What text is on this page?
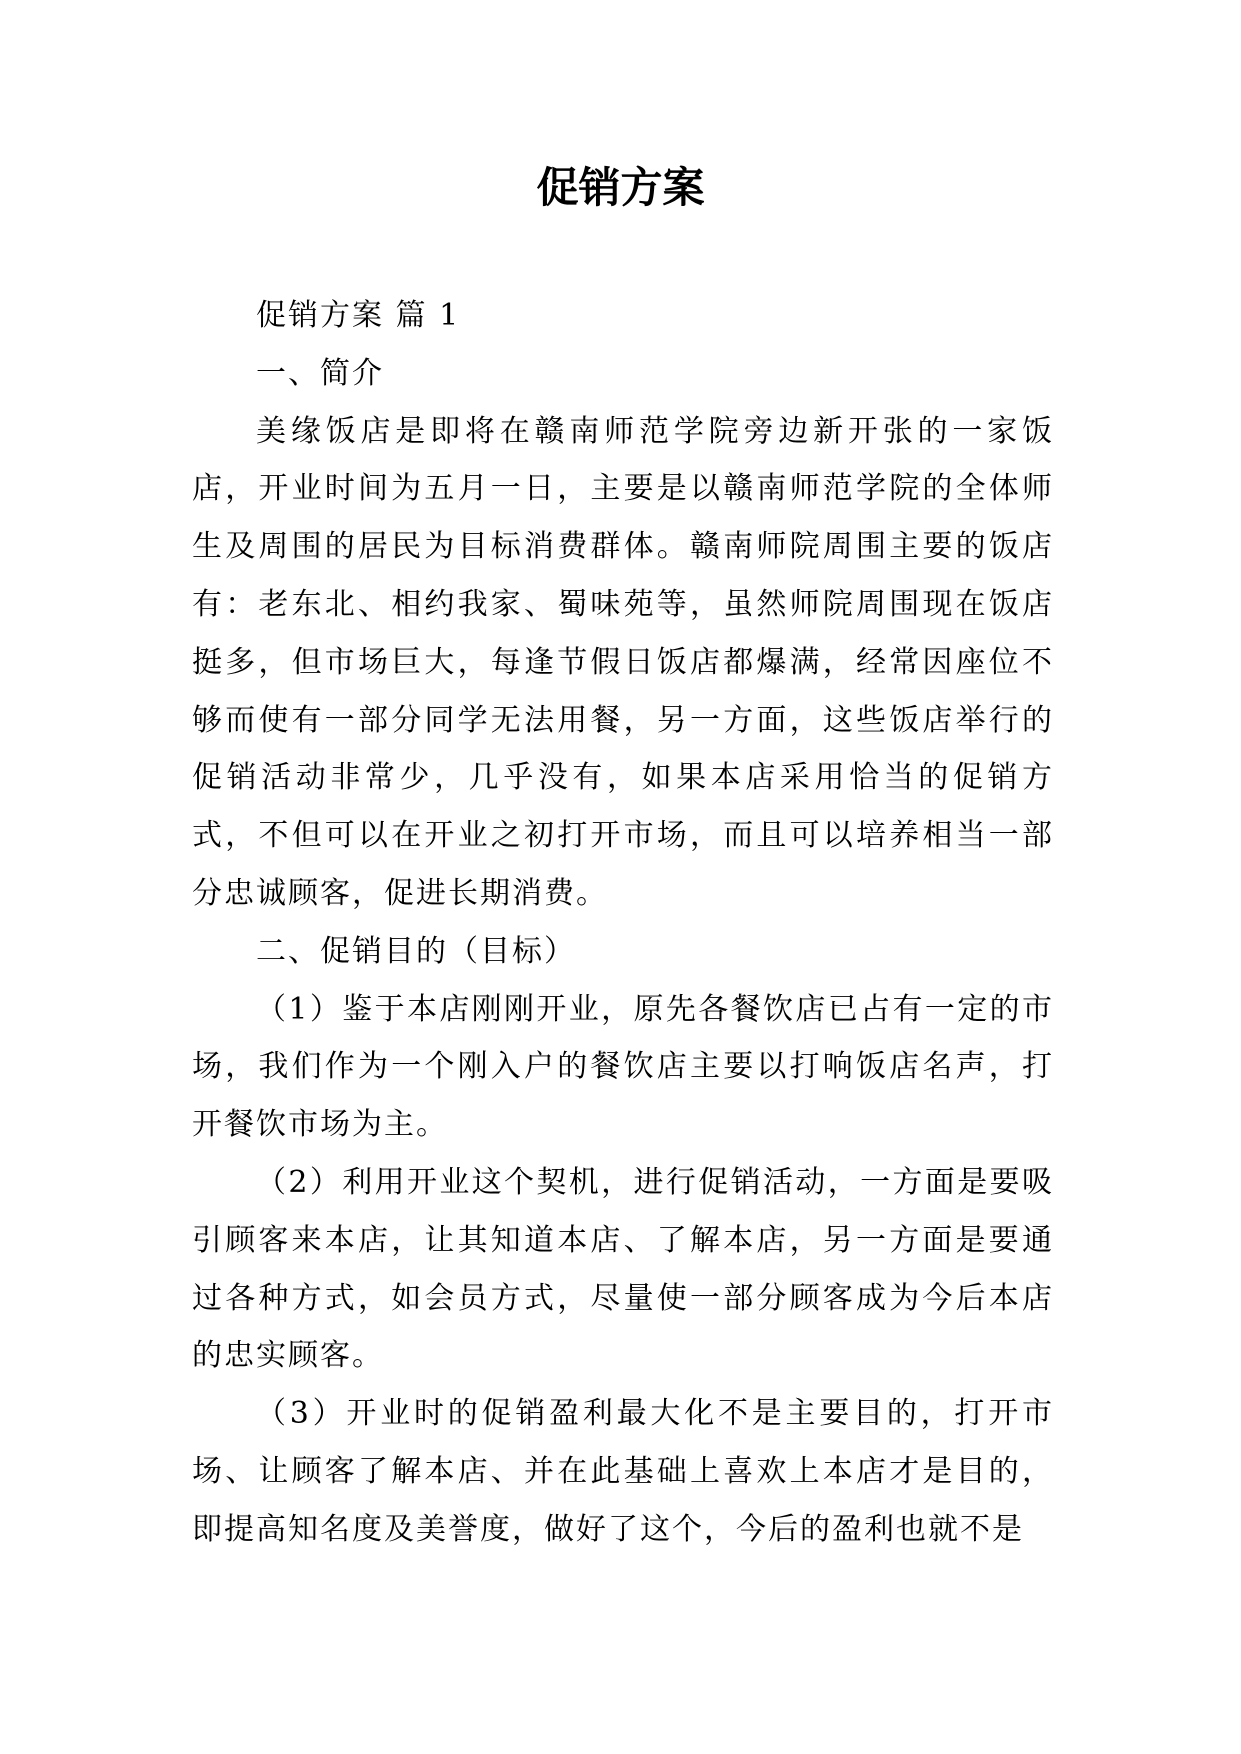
促销方案

促销方案 篇 1

一、简介

美缘饭店是即将在赣南师范学院旁边新开张的一家饭店，开业时间为五月一日，主要是以赣南师范学院的全体师生及周围的居民为目标消费群体。赣南师院周围主要的饭店有：老东北、相约我家、蜀味苑等，虽然师院周围现在饭店挺多，但市场巨大，每逢节假日饭店都爆满，经常因座位不够而使有一部分同学无法用餐，另一方面，这些饭店举行的促销活动非常少，几乎没有，如果本店采用恰当的促销方式，不但可以在开业之初打开市场，而且可以培养相当一部分忠诚顾客，促进长期消费。

二、促销目的（目标）

（1）鉴于本店刚刚开业，原先各餐饮店已占有一定的市场，我们作为一个刚入户的餐饮店主要以打响饭店名声，打开餐饮市场为主。

（2）利用开业这个契机，进行促销活动，一方面是要吸引顾客来本店，让其知道本店、了解本店，另一方面是要通过各种方式，如会员方式，尽量使一部分顾客成为今后本店的忠实顾客。

（3）开业时的促销盈利最大化不是主要目的，打开市场、让顾客了解本店、并在此基础上喜欢上本店才是目的，即提高知名度及美誉度，做好了这个，今后的盈利也就不是
